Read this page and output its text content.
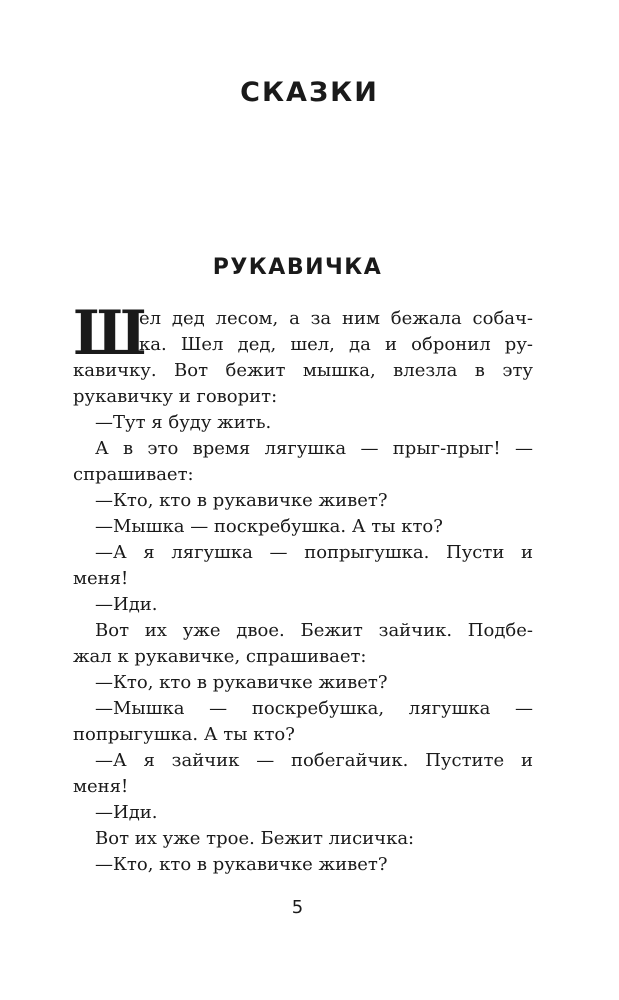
СКАЗКИ
РУКАВИЧКА
Ш
ел дед лесом, а за ним бежала собач-
ка. Шел дед, шел, да и обронил ру-
кавичку. Вот бежит мышка, влезла в эту
рукавичку и говорит:
—Тут я буду жить.
А в это время лягушка — прыг-прыг! —
спрашивает:
—Кто, кто в рукавичке живет?
—Мышка — поскребушка. А ты кто?
—А я лягушка — попрыгушка. Пусти и
меня!
—Иди.
Вот их уже двое. Бежит зайчик. Подбе-
жал к рукавичке, спрашивает:
—Кто, кто в рукавичке живет?
—Мышка — поскребушка, лягушка —
попрыгушка. А ты кто?
—А я зайчик — побегайчик. Пустите и
меня!
—Иди.
Вот их уже трое. Бежит лисичка:
—Кто, кто в рукавичке живет?
5
